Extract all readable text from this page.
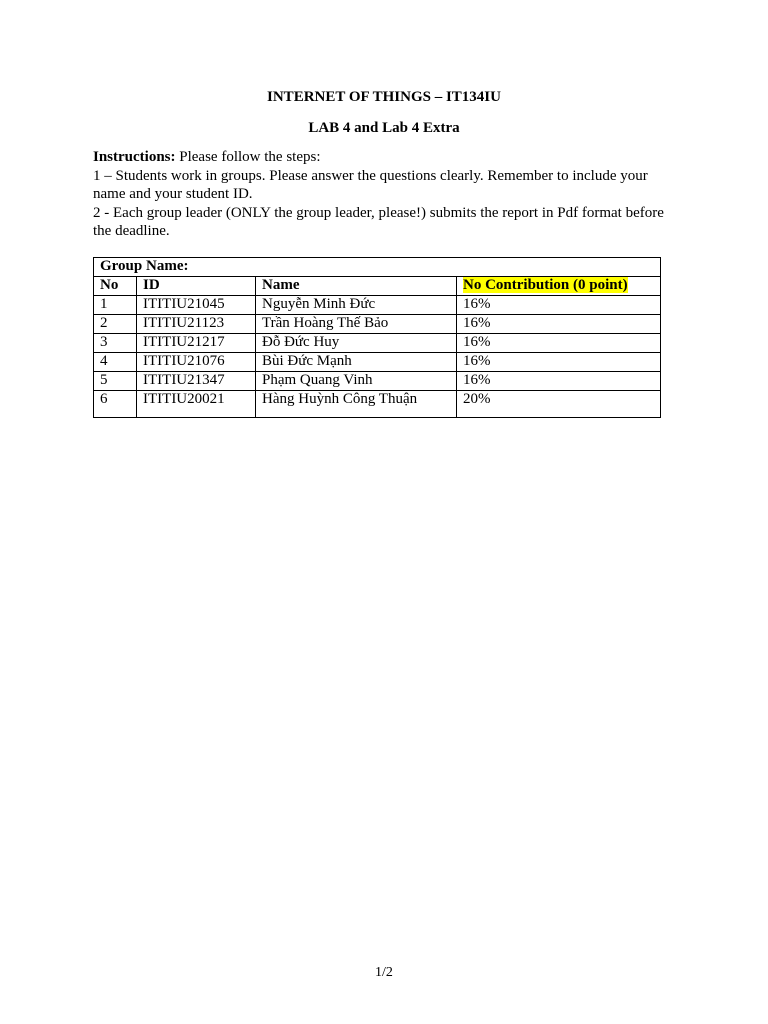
INTERNET OF THINGS – IT134IU
LAB 4 and Lab 4 Extra

Instructions: Please follow the steps:

1 – Students work in groups. Please answer the questions clearly. Remember to include your name and your student ID.

2 - Each group leader (ONLY the group leader, please!) submits the report in Pdf format before the deadline.

Group Name:			
No	ID	Name	No Contribution (0 point)
1	ITITIU21045	Nguyễn Minh Đức	16%
2	ITITIU21123	Trần Hoàng Thế Bảo	16%
3	ITITIU21217	Đỗ Đức Huy	16%
4	ITITIU21076	Bùi Đức Mạnh	16%
5	ITITIU21347	Phạm Quang Vinh	16%
6	ITITIU20021	Hàng Huỳnh Công Thuận	20%
1/2
